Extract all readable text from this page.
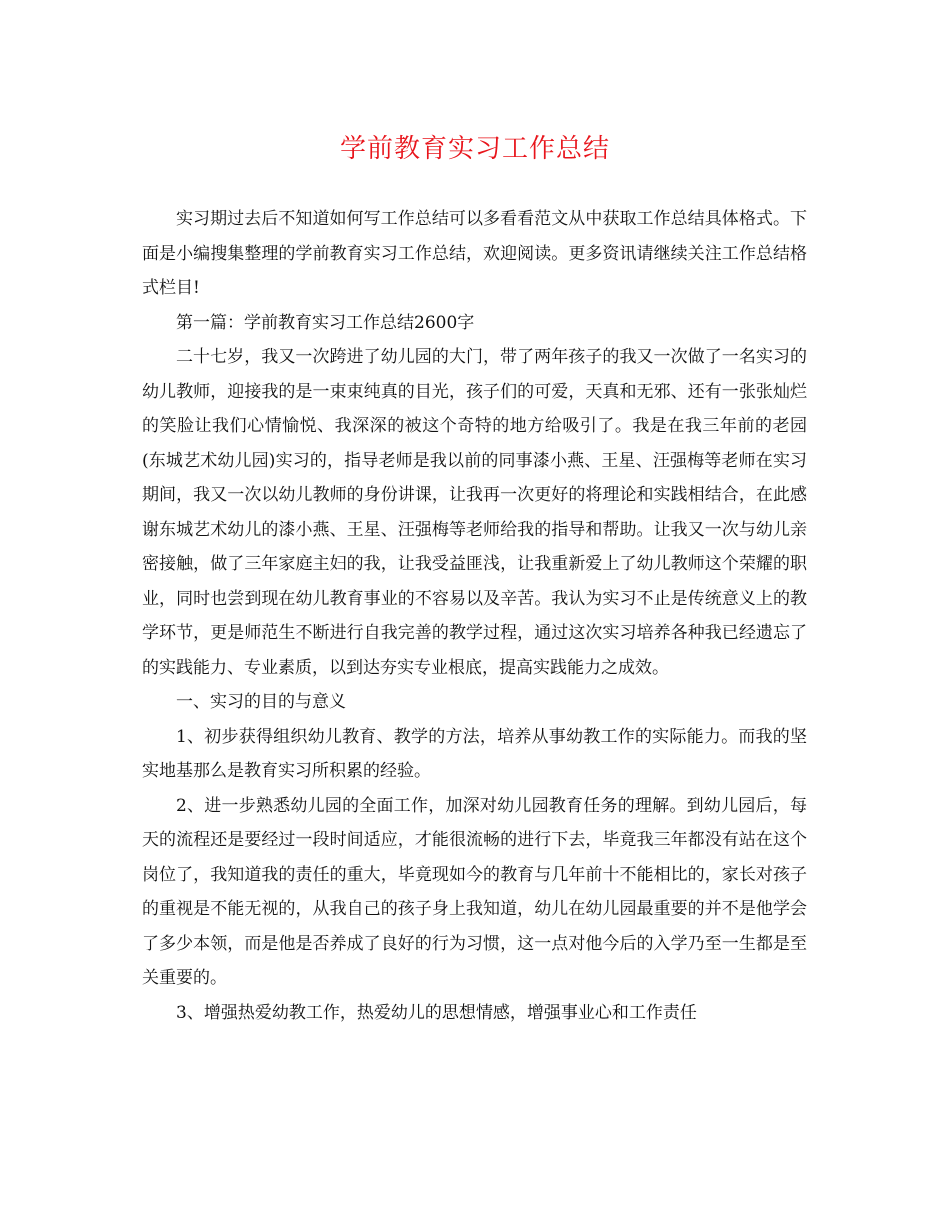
学前教育实习工作总结

实习期过去后不知道如何写工作总结可以多看看范文从中获取工作总结具体格式。下面是小编搜集整理的学前教育实习工作总结，欢迎阅读。更多资讯请继续关注工作总结格式栏目!

第一篇：学前教育实习工作总结2600字

二十七岁，我又一次跨进了幼儿园的大门，带了两年孩子的我又一次做了一名实习的幼儿教师，迎接我的是一束束纯真的目光，孩子们的可爱，天真和无邪、还有一张张灿烂的笑脸让我们心情愉悦、我深深的被这个奇特的地方给吸引了。我是在我三年前的老园(东城艺术幼儿园)实习的，指导老师是我以前的同事漆小燕、王星、汪强梅等老师在实习期间，我又一次以幼儿教师的身份讲课，让我再一次更好的将理论和实践相结合，在此感谢东城艺术幼儿的漆小燕、王星、汪强梅等老师给我的指导和帮助。让我又一次与幼儿亲密接触，做了三年家庭主妇的我，让我受益匪浅，让我重新爱上了幼儿教师这个荣耀的职业，同时也尝到现在幼儿教育事业的不容易以及辛苦。我认为实习不止是传统意义上的教学环节，更是师范生不断进行自我完善的教学过程，通过这次实习培养各种我已经遗忘了的实践能力、专业素质，以到达夯实专业根底，提高实践能力之成效。

一、实习的目的与意义

1、初步获得组织幼儿教育、教学的方法，培养从事幼教工作的实际能力。而我的坚实地基那么是教育实习所积累的经验。

2、进一步熟悉幼儿园的全面工作，加深对幼儿园教育任务的理解。到幼儿园后，每天的流程还是要经过一段时间适应，才能很流畅的进行下去，毕竟我三年都没有站在这个岗位了，我知道我的责任的重大，毕竟现如今的教育与几年前十不能相比的，家长对孩子的重视是不能无视的，从我自己的孩子身上我知道，幼儿在幼儿园最重要的并不是他学会了多少本领，而是他是否养成了良好的行为习惯，这一点对他今后的入学乃至一生都是至关重要的。

3、增强热爱幼教工作，热爱幼儿的思想情感，增强事业心和工作责任
